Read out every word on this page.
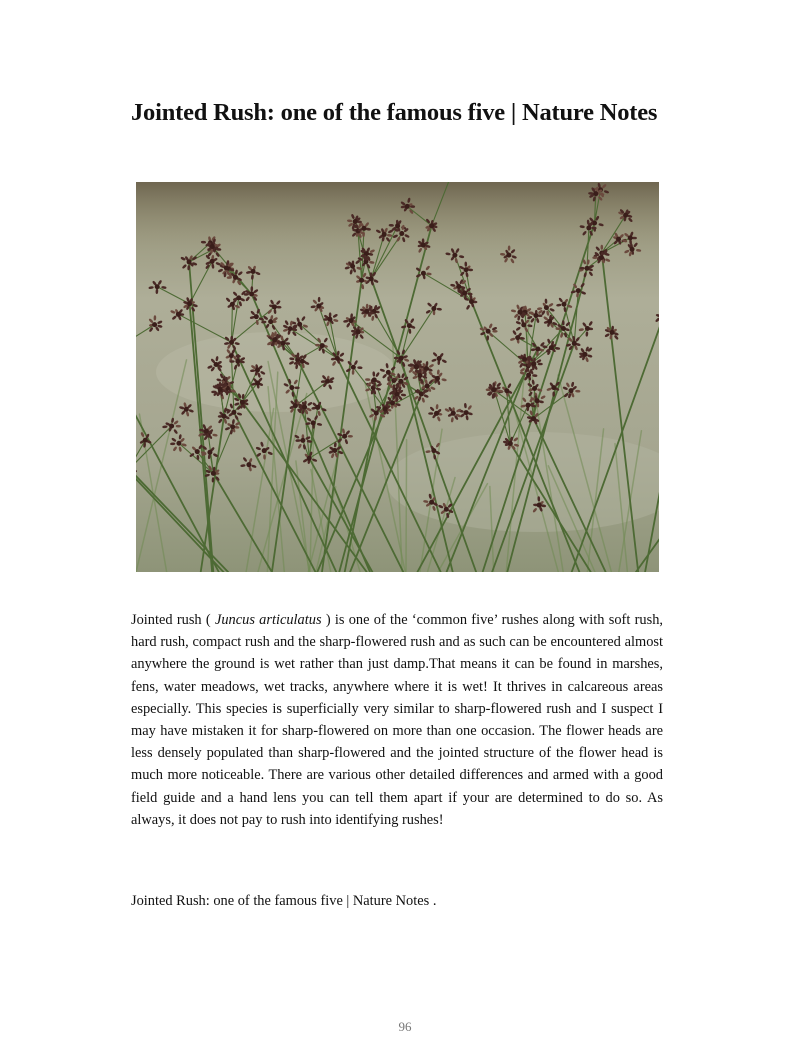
Jointed Rush: one of the famous five | Nature Notes

Jointed rush ( Juncus articulatus ) is one of the ‘common five’ rushes along with soft rush, hard rush, compact rush and the sharp-flowered rush and as such can be encountered almost anywhere the ground is wet rather than just damp.That means it can be found in marshes, fens, water meadows, wet tracks, anywhere where it is wet! It thrives in calcareous areas especially. This species is superficially very similar to sharp-flowered rush and I suspect I may have mistaken it for sharp-flowered on more than one occasion. The flower heads are less densely populated than sharp-flowered and the jointed structure of the flower head is much more noticeable. There are various other detailed differences and armed with a good field guide and a hand lens you can tell them apart if your are determined to do so. As always, it does not pay to rush into identifying rushes!

Jointed Rush: one of the famous five | Nature Notes .

96
